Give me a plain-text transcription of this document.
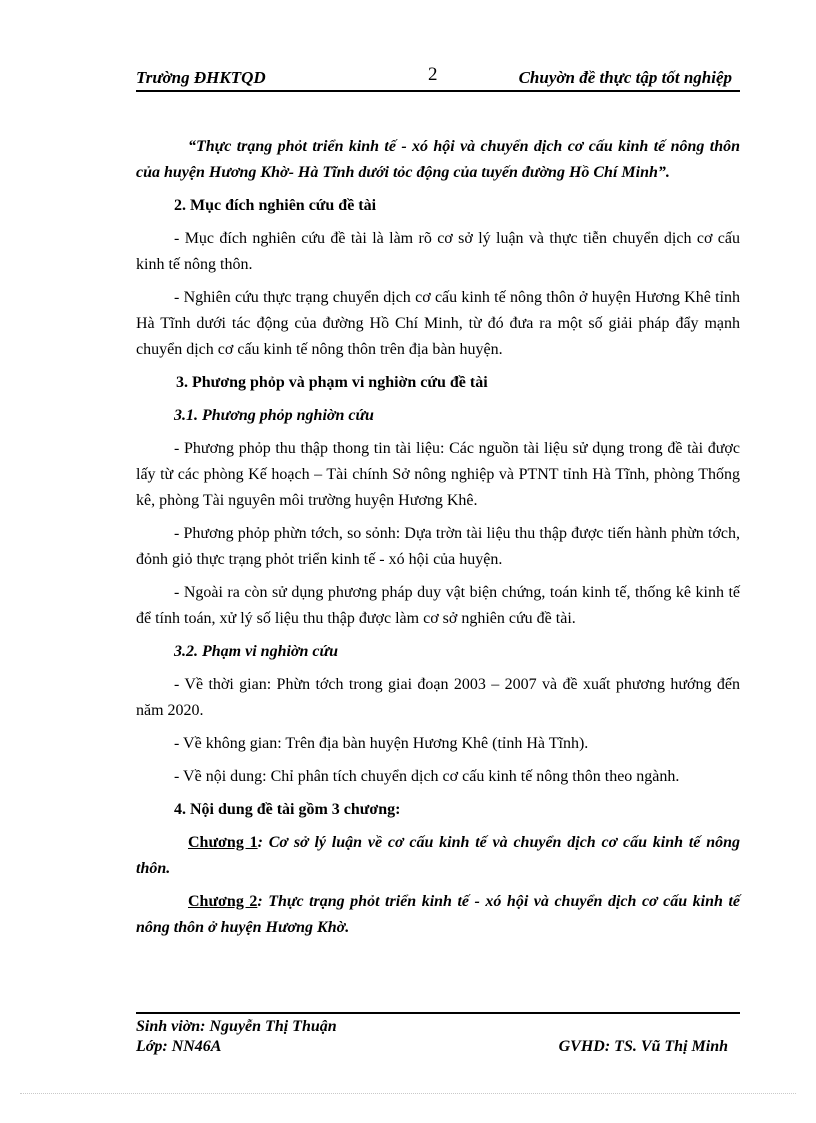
Trường ĐHKTQD	2	Chuyờn đề thực tập tốt nghiệp

“Thực trạng phỏt triển kinh tế - xó hội và chuyển dịch cơ cấu kinh tế nông thôn của huyện Hương Khờ- Hà Tĩnh dưới tỏc động của tuyến đường Hồ Chí Minh”.

2. Mục đích nghiên cứu đề tài

- Mục đích nghiên cứu đề tài là làm rõ cơ sở lý luận và thực tiễn chuyển dịch cơ cấu kinh tế nông thôn.

- Nghiên cứu thực trạng chuyển dịch cơ cấu kinh tế nông thôn ở huyện Hương Khê tỉnh Hà Tĩnh dưới tác động của đường Hồ Chí Minh, từ đó đưa ra một số giải pháp đẩy mạnh chuyển dịch cơ cấu kinh tế nông thôn trên địa bàn huyện.

3. Phương phỏp và phạm vi nghiờn cứu đề tài

3.1. Phương phỏp nghiờn cứu

- Phương phỏp thu thập thong tin tài liệu: Các nguồn tài liệu sử dụng trong đề tài được lấy từ các phòng Kế hoạch – Tài chính Sở nông nghiệp và PTNT tỉnh Hà Tĩnh, phòng Thống kê, phòng Tài nguyên môi trường huyện Hương Khê.

- Phương phỏp phừn tớch, so sỏnh: Dựa trờn tài liệu thu thập được tiến hành phừn tớch, đỏnh giỏ thực trạng phỏt triển kinh tế - xó hội của huyện.

- Ngoài ra còn sử dụng phương pháp duy vật biện chứng, toán kinh tế, thống kê kinh tế để tính toán, xử lý số liệu thu thập được làm cơ sở nghiên cứu đề tài.

3.2. Phạm vi nghiờn cứu

- Về thời gian: Phừn tớch trong giai đoạn 2003 – 2007 và đề xuất phương hướng đến năm 2020.

- Về không gian: Trên địa bàn huyện Hương Khê (tỉnh Hà Tĩnh).

- Về nội dung: Chỉ phân tích chuyển dịch cơ cấu kinh tế nông thôn theo ngành.

4. Nội dung đề tài gồm 3 chương:

Chương 1: Cơ sở lý luận về cơ cấu kinh tế và chuyển dịch cơ cấu kinh tế nông thôn.

Chương 2: Thực trạng phỏt triển kinh tế - xó hội và chuyển dịch cơ cấu kinh tế nông thôn ở huyện Hương Khờ.

Sinh viờn: Nguyễn Thị Thuận
Lớp: NN46A	GVHD: TS. Vũ Thị Minh
